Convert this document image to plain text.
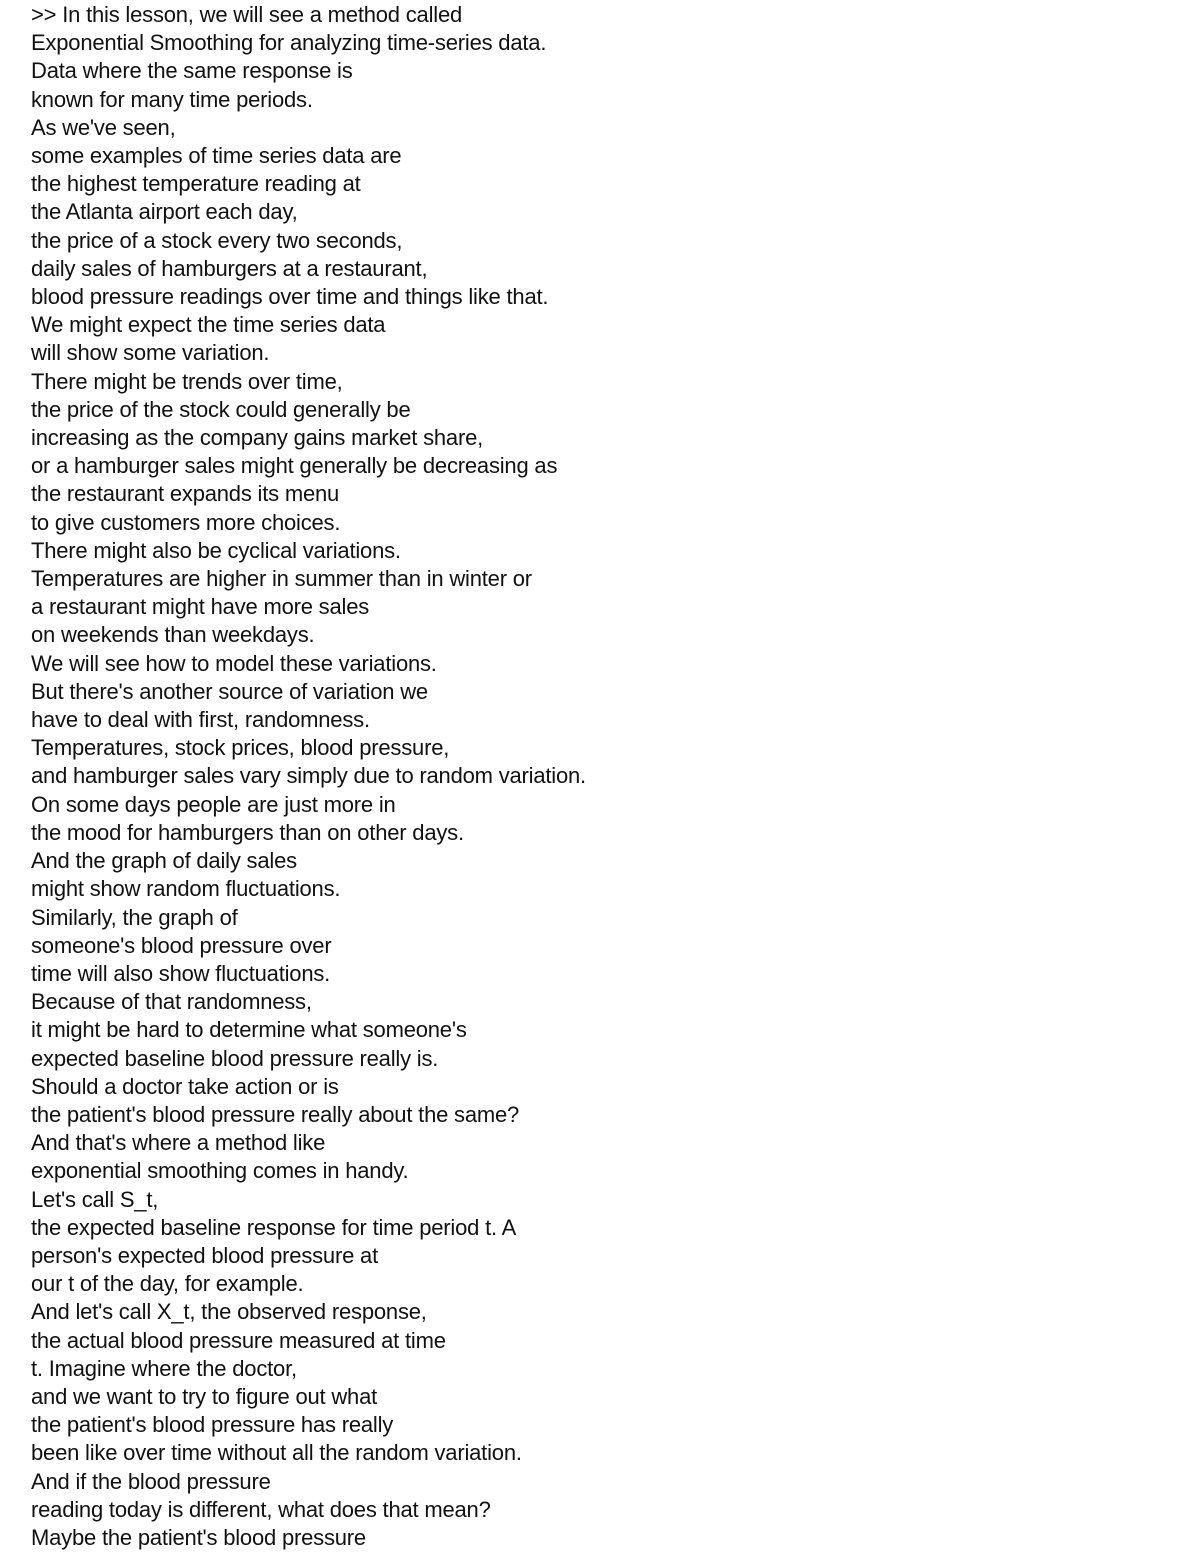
>> In this lesson, we will see a method called
Exponential Smoothing for analyzing time-series data.
Data where the same response is
known for many time periods.
As we've seen,
some examples of time series data are
the highest temperature reading at
the Atlanta airport each day,
the price of a stock every two seconds,
daily sales of hamburgers at a restaurant,
blood pressure readings over time and things like that.
We might expect the time series data
will show some variation.
There might be trends over time,
the price of the stock could generally be
increasing as the company gains market share,
or a hamburger sales might generally be decreasing as
the restaurant expands its menu
to give customers more choices.
There might also be cyclical variations.
Temperatures are higher in summer than in winter or
a restaurant might have more sales
on weekends than weekdays.
We will see how to model these variations.
But there's another source of variation we
have to deal with first, randomness.
Temperatures, stock prices, blood pressure,
and hamburger sales vary simply due to random variation.
On some days people are just more in
the mood for hamburgers than on other days.
And the graph of daily sales
might show random fluctuations.
Similarly, the graph of
someone's blood pressure over
time will also show fluctuations.
Because of that randomness,
it might be hard to determine what someone's
expected baseline blood pressure really is.
Should a doctor take action or is
the patient's blood pressure really about the same?
And that's where a method like
exponential smoothing comes in handy.
Let's call S_t,
the expected baseline response for time period t. A
person's expected blood pressure at
our t of the day, for example.
And let's call X_t, the observed response,
the actual blood pressure measured at time
t. Imagine where the doctor,
and we want to try to figure out what
the patient's blood pressure has really
been like over time without all the random variation.
And if the blood pressure
reading today is different, what does that mean?
Maybe the patient's blood pressure
